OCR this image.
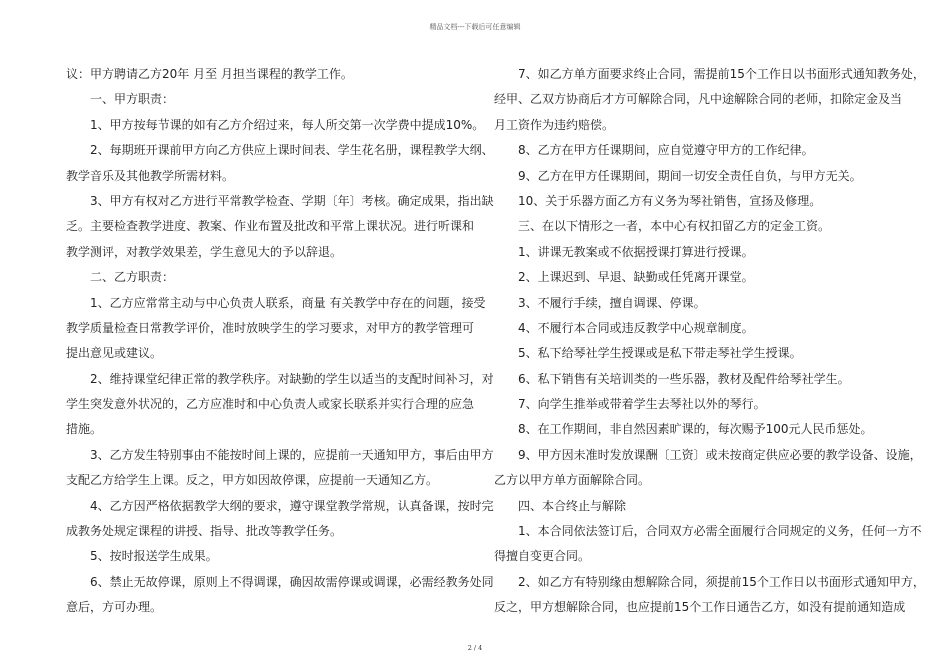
精品文档---下载后可任意编辑
议：甲方聘请乙方20年 月至 月担当课程的教学工作。
一、甲方职责：
1、甲方按每节课的如有乙方介绍过来，每人所交第一次学费中提成10%。
2、每期班开课前甲方向乙方供应上课时间表、学生花名册，课程教学大纲、
教学音乐及其他教学所需材料。
3、甲方有权对乙方进行平常教学检查、学期〔年〕考核。确定成果，指出缺
乏。主要检查教学进度、教案、作业布置及批改和平常上课状况。进行听课和
教学测评，对教学效果差，学生意见大的予以辞退。
二、乙方职责：
1、乙方应常常主动与中心负责人联系，商量 有关教学中存在的问题，接受
教学质量检查日常教学评价，准时放映学生的学习要求，对甲方的教学管理可
提出意见或建议。
2、维持课堂纪律正常的教学秩序。对缺勤的学生以适当的支配时间补习，对
学生突发意外状况的，乙方应准时和中心负责人或家长联系并实行合理的应急
措施。
3、乙方发生特别事由不能按时间上课的，应提前一天通知甲方，事后由甲方
支配乙方给学生上课。反之，甲方如因故停课，应提前一天通知乙方。
4、乙方因严格依据教学大纲的要求，遵守课堂教学常规，认真备课，按时完
成教务处规定课程的讲授、指导、批改等教学任务。
5、按时报送学生成果。
6、禁止无故停课，原则上不得调课，确因故需停课或调课，必需经教务处同
意后，方可办理。
7、如乙方单方面要求终止合同，需提前15个工作日以书面形式通知教务处，
经甲、乙双方协商后才方可解除合同，凡中途解除合同的老师，扣除定金及当
月工资作为违约赔偿。
8、乙方在甲方任课期间，应自觉遵守甲方的工作纪律。
9、乙方在甲方任课期间，期间一切安全责任自负，与甲方无关。
10、关于乐器方面乙方有义务为琴社销售，宣扬及修理。
三、在以下情形之一者，本中心有权扣留乙方的定金工资。
1、讲课无教案或不依据授课打算进行授课。
2、上课迟到、早退、缺勤或任凭离开课堂。
3、不履行手续，擅自调课、停课。
4、不履行本合同或违反教学中心规章制度。
5、私下给琴社学生授课或是私下带走琴社学生授课。
6、私下销售有关培训类的一些乐器，教材及配件给琴社学生。
7、向学生推举或带着学生去琴社以外的琴行。
8、在工作期间，非自然因素旷课的，每次赐予100元人民币惩处。
9、甲方因未准时发放课酬〔工资〕或未按商定供应必要的教学设备、设施，
乙方以甲方单方面解除合同。
四、本合终止与解除
1、本合同依法签订后，合同双方必需全面履行合同规定的义务，任何一方不
得擅自变更合同。
2、如乙方有特别缘由想解除合同，须提前15个工作日以书面形式通知甲方，
反之，甲方想解除合同，也应提前15个工作日通告乙方，如没有提前通知造成
2 / 4
